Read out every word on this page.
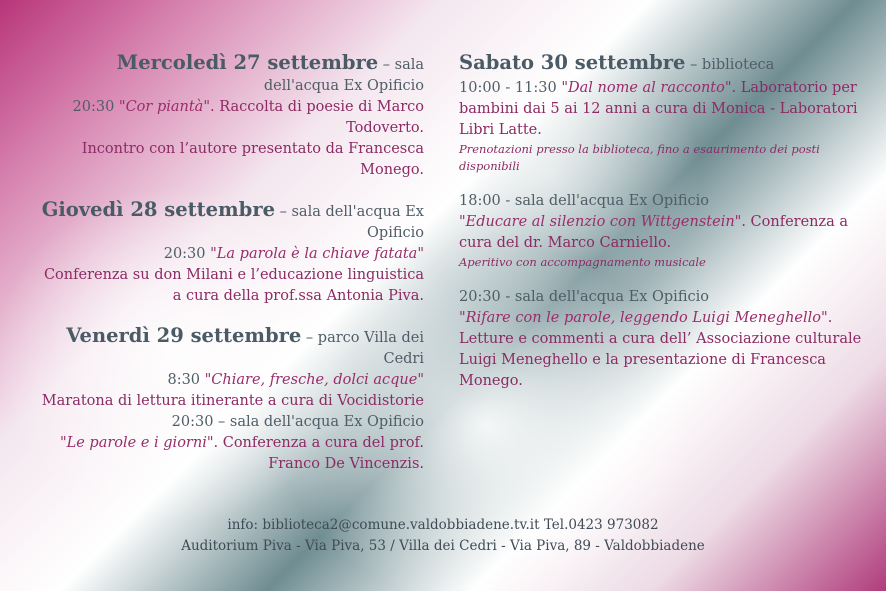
Mercoledì 27 settembre – sala dell'acqua Ex Opificio
20:30 "Cor piantà". Raccolta di poesie di Marco Todoverto.
Incontro con l’autore presentato da Francesca Monego.
Giovedì 28 settembre – sala dell'acqua Ex Opificio
20:30 "La parola è la chiave fatata"
Conferenza su don Milani e l’educazione linguistica a cura della prof.ssa Antonia Piva.
Venerdì 29 settembre – parco Villa dei Cedri
8:30 "Chiare, fresche, dolci acque"
Maratona di lettura itinerante a cura di Vocidistorie
20:30 – sala dell'acqua Ex Opificio
"Le parole e i giorni". Conferenza a cura del prof. Franco De Vincenzis.
Sabato 30 settembre – biblioteca
10:00 - 11:30 "Dal nome al racconto". Laboratorio per bambini dai 5 ai 12 anni a cura di Monica - Laboratori Libri Latte.
Prenotazioni presso la biblioteca, fino a esaurimento dei posti disponibili
18:00 - sala dell'acqua Ex Opificio
"Educare al silenzio con Wittgenstein". Conferenza a cura del dr. Marco Carniello.
Aperitivo con accompagnamento musicale
20:30 - sala dell'acqua Ex Opificio
"Rifare con le parole, leggendo Luigi Meneghello". Letture e commenti a cura dell’ Associazione culturale Luigi Meneghello e la presentazione di Francesca Monego.
info: biblioteca2@comune.valdobbiadene.tv.it Tel.0423 973082
Auditorium Piva - Via Piva, 53 / Villa dei Cedri - Via Piva, 89 - Valdobbiadene
